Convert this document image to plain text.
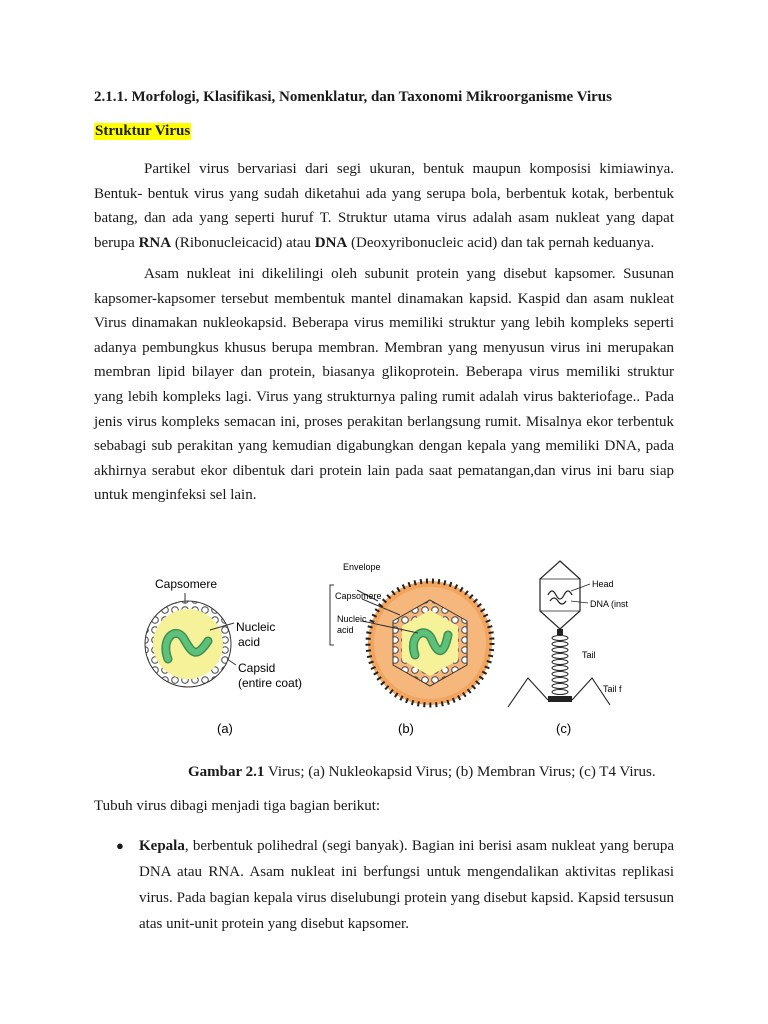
2.1.1. Morfologi, Klasifikasi, Nomenklatur, dan Taxonomi Mikroorganisme Virus
Struktur Virus

Partikel virus bervariasi dari segi ukuran, bentuk maupun komposisi kimiawinya. Bentuk- bentuk virus yang sudah diketahui ada yang serupa bola, berbentuk kotak, berbentuk batang, dan ada yang seperti huruf T. Struktur utama virus adalah asam nukleat yang dapat berupa RNA (Ribonucleicacid) atau DNA (Deoxyribonucleic acid) dan tak pernah keduanya.

Asam nukleat ini dikelilingi oleh subunit protein yang disebut kapsomer. Susunan kapsomer-kapsomer tersebut membentuk mantel dinamakan kapsid. Kaspid dan asam nukleat Virus dinamakan nukleokapsid. Beberapa virus memiliki struktur yang lebih kompleks seperti adanya pembungkus khusus berupa membran. Membran yang menyusun virus ini merupakan membran lipid bilayer dan protein, biasanya glikoprotein. Beberapa virus memiliki struktur yang lebih kompleks lagi. Virus yang strukturnya paling rumit adalah virus bakteriofage.. Pada jenis virus kompleks semacan ini, proses perakitan berlangsung rumit. Misalnya ekor terbentuk sebabagi sub perakitan yang kemudian digabungkan dengan kepala yang memiliki DNA, pada akhirnya serabut ekor dibentuk dari protein lain pada saat pematangan,dan virus ini baru siap untuk menginfeksi sel lain.

Capsomere
Nucleic
acid
Capsid
(entire coat)
(a)
Envelope
Capsomere
Nucleic
acid
(b)
Head
DNA (inst
Tail
Tail f
(c)

Gambar 2.1 Virus; (a) Nukleokapsid Virus; (b) Membran Virus; (c) T4 Virus.

Tubuh virus dibagi menjadi tiga bagian berikut:

● Kepala, berbentuk polihedral (segi banyak). Bagian ini berisi asam nukleat yang berupa DNA atau RNA. Asam nukleat ini berfungsi untuk mengendalikan aktivitas replikasi virus. Pada bagian kepala virus diselubungi protein yang disebut kapsid. Kapsid tersusun atas unit-unit protein yang disebut kapsomer.
